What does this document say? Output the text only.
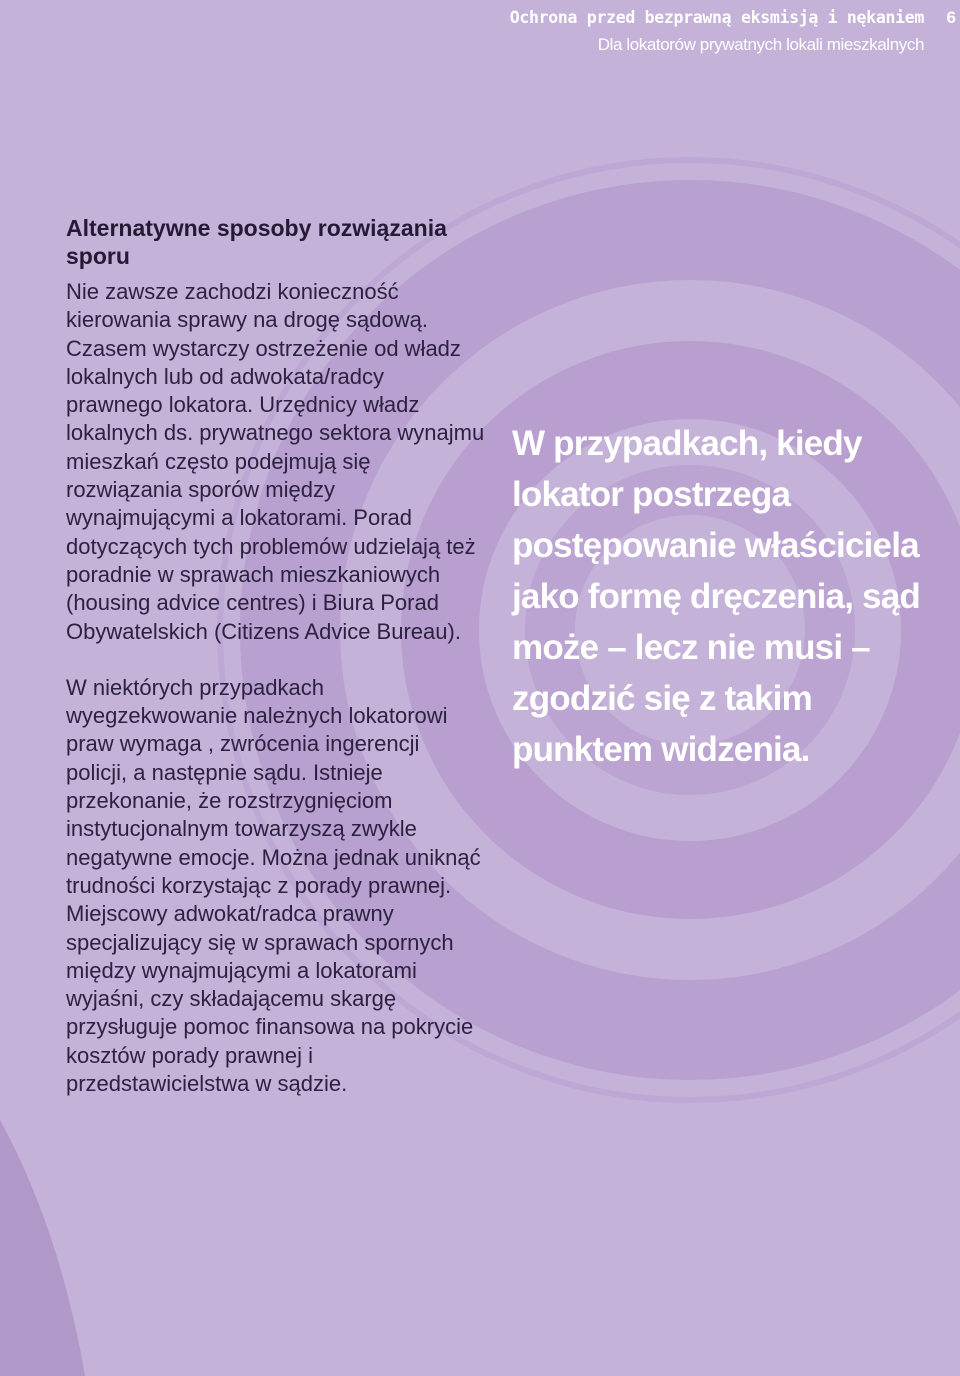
Ochrona przed bezprawną eksmisją i nękaniem
Dla lokatorów prywatnych lokali mieszkalnych
6
Alternatywne sposoby rozwiązania sporu

Nie zawsze zachodzi konieczność kierowania sprawy na drogę sądową. Czasem wystarczy ostrzeżenie od władz lokalnych lub od adwokata/radcy prawnego lokatora. Urzędnicy władz lokalnych ds. prywatnego sektora wynajmu mieszkań często podejmują się rozwiązania sporów między wynajmującymi a lokatorami. Porad dotyczących tych problemów udzielają też poradnie w sprawach mieszkaniowych (housing advice centres) i Biura Porad Obywatelskich (Citizens Advice Bureau).

W niektórych przypadkach wyegzekwowanie należnych lokatorowi praw wymaga , zwrócenia ingerencji policji, a następnie sądu. Istnieje przekonanie, że rozstrzygnięciom instytucjonalnym towarzyszą zwykle negatywne emocje. Można jednak uniknąć trudności korzystając z porady prawnej. Miejscowy adwokat/radca prawny specjalizujący się w sprawach spornych między wynajmującymi a lokatorami wyjaśni, czy składającemu skargę przysługuje pomoc finansowa na pokrycie kosztów porady prawnej i przedstawicielstwa w sądzie.

W przypadkach, kiedy lokator postrzega postępowanie właściciela jako formę dręczenia, sąd może – lecz nie musi – zgodzić się z takim punktem widzenia.
